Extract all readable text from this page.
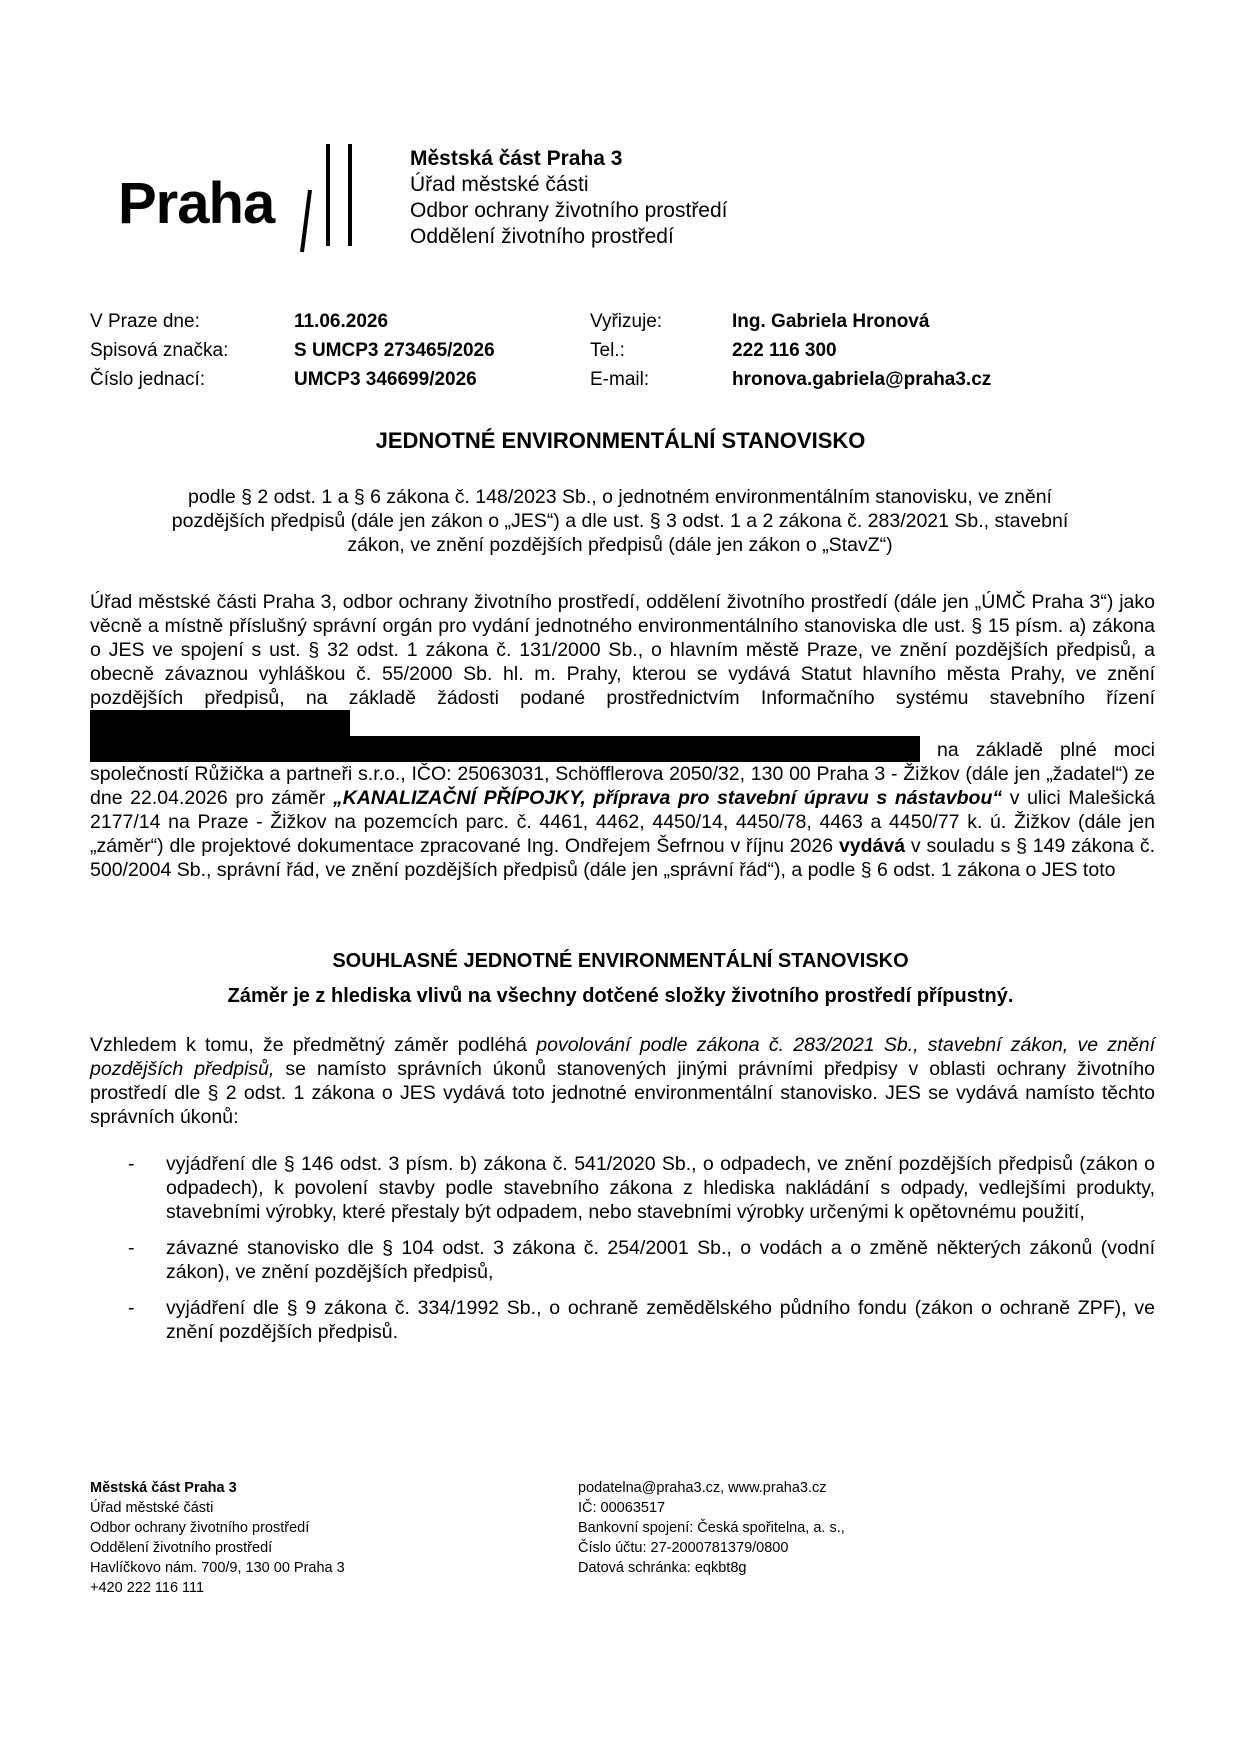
Praha
Městská část Praha 3
Úřad městské části
Odbor ochrany životního prostředí
Oddělení životního prostředí
V Praze dne:
Spisová značka:
Číslo jednací:
11.06.2026
S UMCP3 273465/2026
UMCP3 346699/2026
Vyřizuje:
Tel.:
E-mail:
Ing. Gabriela Hronová
222 116 300
hronova.gabriela@praha3.cz
JEDNOTNÉ ENVIRONMENTÁLNÍ STANOVISKO
podle § 2 odst. 1 a § 6 zákona č. 148/2023 Sb., o jednotném environmentálním stanovisku, ve znění pozdějších předpisů (dále jen zákon o „JES“) a dle ust. § 3 odst. 1 a 2 zákona č. 283/2021 Sb., stavební zákon, ve znění pozdějších předpisů (dále jen zákon o „StavZ“)

Úřad městské části Praha 3, odbor ochrany životního prostředí, oddělení životního prostředí (dále jen „ÚMČ Praha 3“) jako věcně a místně příslušný správní orgán pro vydání jednotného environmentálního stanoviska dle ust. § 15 písm. a) zákona o JES ve spojení s ust. § 32 odst. 1 zákona č. 131/2000 Sb., o hlavním městě Praze, ve znění pozdějších předpisů, a obecně závaznou vyhláškou č. 55/2000 Sb. hl. m. Prahy, kterou se vydává Statut hlavního města Prahy, ve znění pozdějších předpisů, na základě žádosti podané prostřednictvím Informačního systému stavebního řízení   na základě plné moci společností Růžička a partneři s.r.o., IČO: 25063031, Schöfflerova 2050/32, 130 00 Praha 3 - Žižkov (dále jen „žadatel“) ze dne 22.04.2026 pro záměr „KANALIZAČNÍ PŘÍPOJKY, příprava pro stavební úpravu s nástavbou“ v ulici Malešická 2177/14 na Praze - Žižkov na pozemcích parc. č. 4461, 4462, 4450/14, 4450/78, 4463 a 4450/77 k. ú. Žižkov (dále jen „záměr“) dle projektové dokumentace zpracované Ing. Ondřejem Šefrnou v říjnu 2026 vydává v souladu s § 149 zákona č. 500/2004 Sb., správní řád, ve znění pozdějších předpisů (dále jen „správní řád“), a podle § 6 odst. 1 zákona o JES toto

SOUHLASNÉ JEDNOTNÉ ENVIRONMENTÁLNÍ STANOVISKO
Záměr je z hlediska vlivů na všechny dotčené složky životního prostředí přípustný.

Vzhledem k tomu, že předmětný záměr podléhá povolování podle zákona č. 283/2021 Sb., stavební zákon, ve znění pozdějších předpisů, se namísto správních úkonů stanovených jinými právními předpisy v oblasti ochrany životního prostředí dle § 2 odst. 1 zákona o JES vydává toto jednotné environmentální stanovisko. JES se vydává namísto těchto správních úkonů:

- vyjádření dle § 146 odst. 3 písm. b) zákona č. 541/2020 Sb., o odpadech, ve znění pozdějších předpisů (zákon o odpadech), k povolení stavby podle stavebního zákona z hlediska nakládání s odpady, vedlejšími produkty, stavebními výrobky, které přestaly být odpadem, nebo stavebními výrobky určenými k opětovnému použití,
- závazné stanovisko dle § 104 odst. 3 zákona č. 254/2001 Sb., o vodách a o změně některých zákonů (vodní zákon), ve znění pozdějších předpisů,
- vyjádření dle § 9 zákona č. 334/1992 Sb., o ochraně zemědělského půdního fondu (zákon o ochraně ZPF), ve znění pozdějších předpisů.
Městská část Praha 3
Úřad městské části
Odbor ochrany životního prostředí
Oddělení životního prostředí
Havlíčkovo nám. 700/9, 130 00 Praha 3
+420 222 116 111
podatelna@praha3.cz, www.praha3.cz
IČ: 00063517
Bankovní spojení: Česká spořitelna, a. s.,
Číslo účtu: 27-2000781379/0800
Datová schránka: eqkbt8g
